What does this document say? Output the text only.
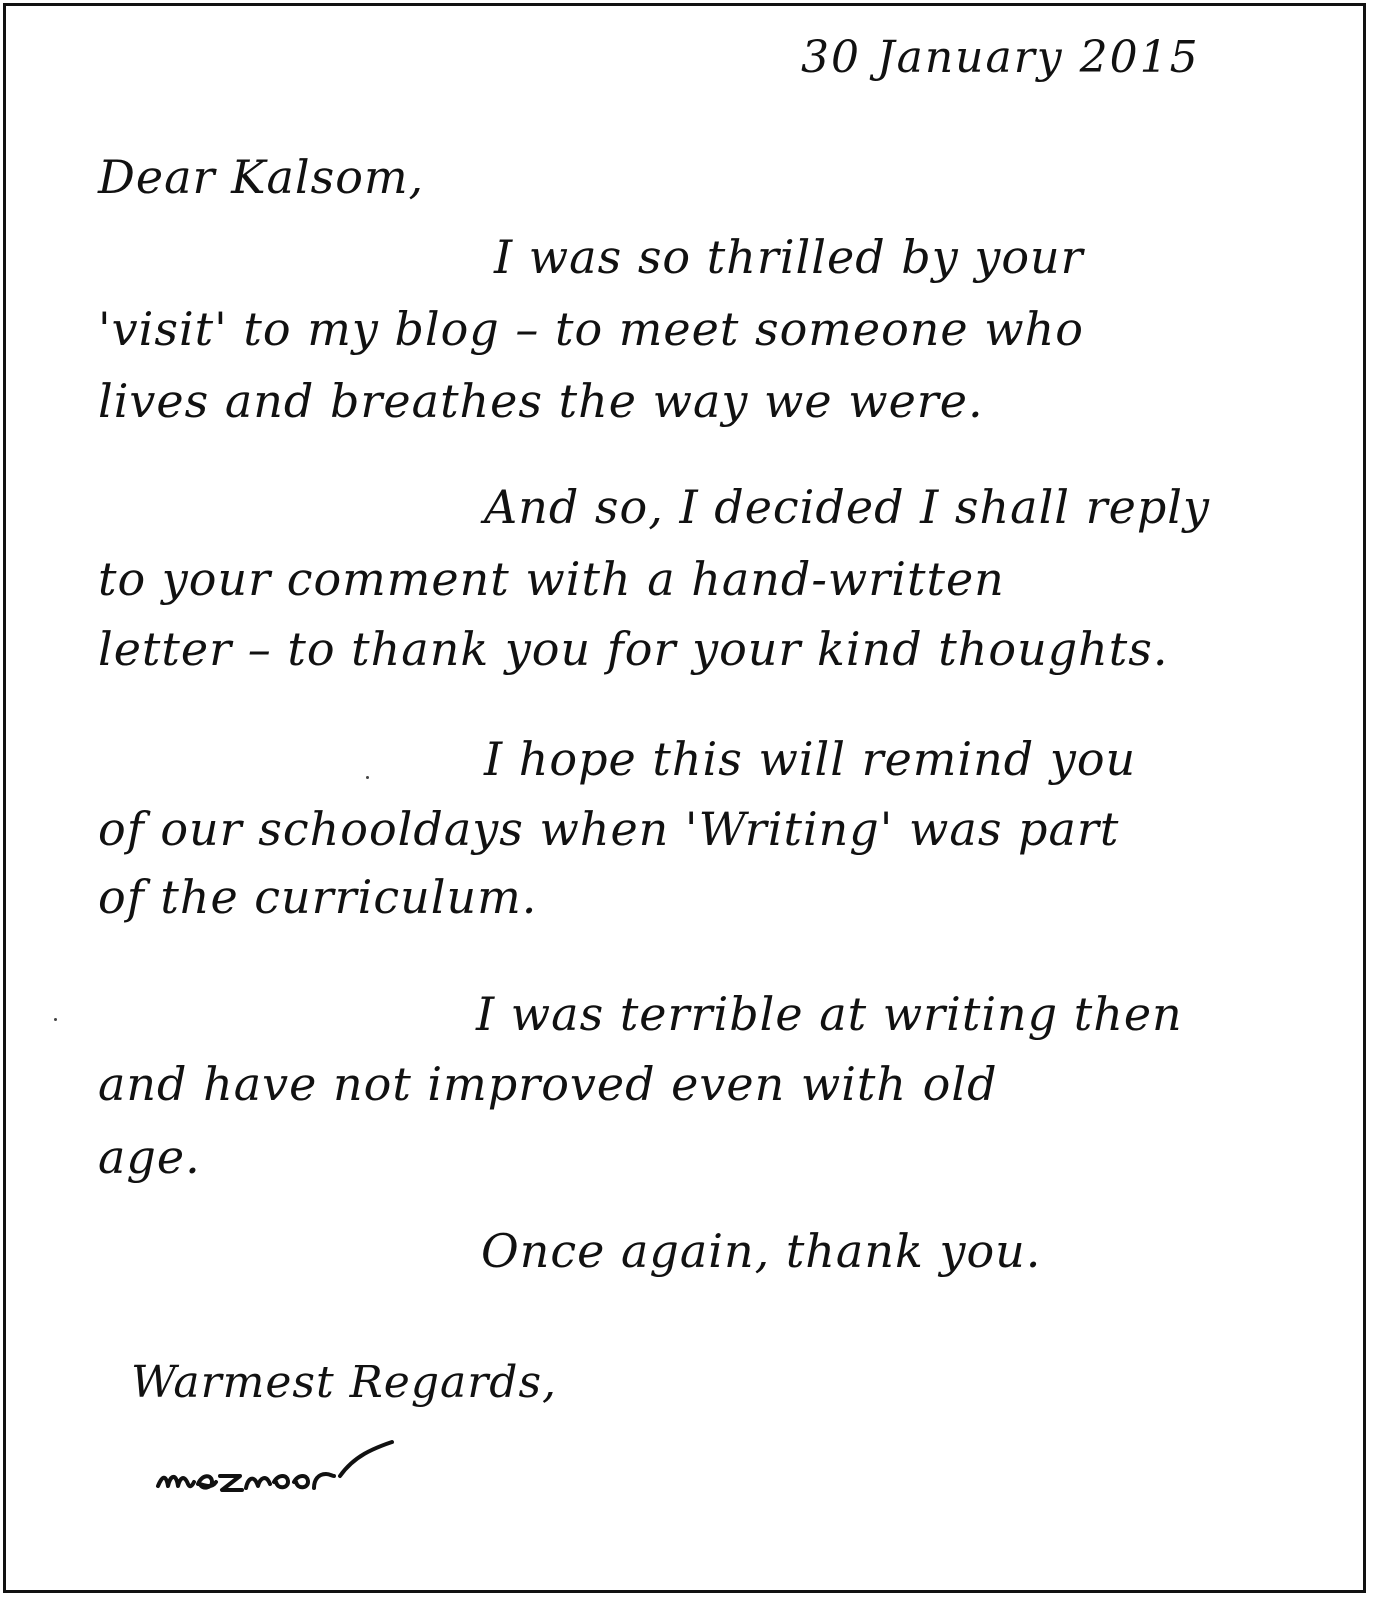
30 January 2015

Dear Kalsom,

I was so thrilled by your

'visit' to my blog – to meet someone who

lives and breathes the way we were.

And so, I decided I shall reply

to your comment with a hand-written

letter – to thank you for your kind thoughts.

I hope this will remind you

of our schooldays when 'Writing' was part

of the curriculum.

I was terrible at writing then

and have not improved even with old

age.

Once again, thank you.

Warmest Regards,
